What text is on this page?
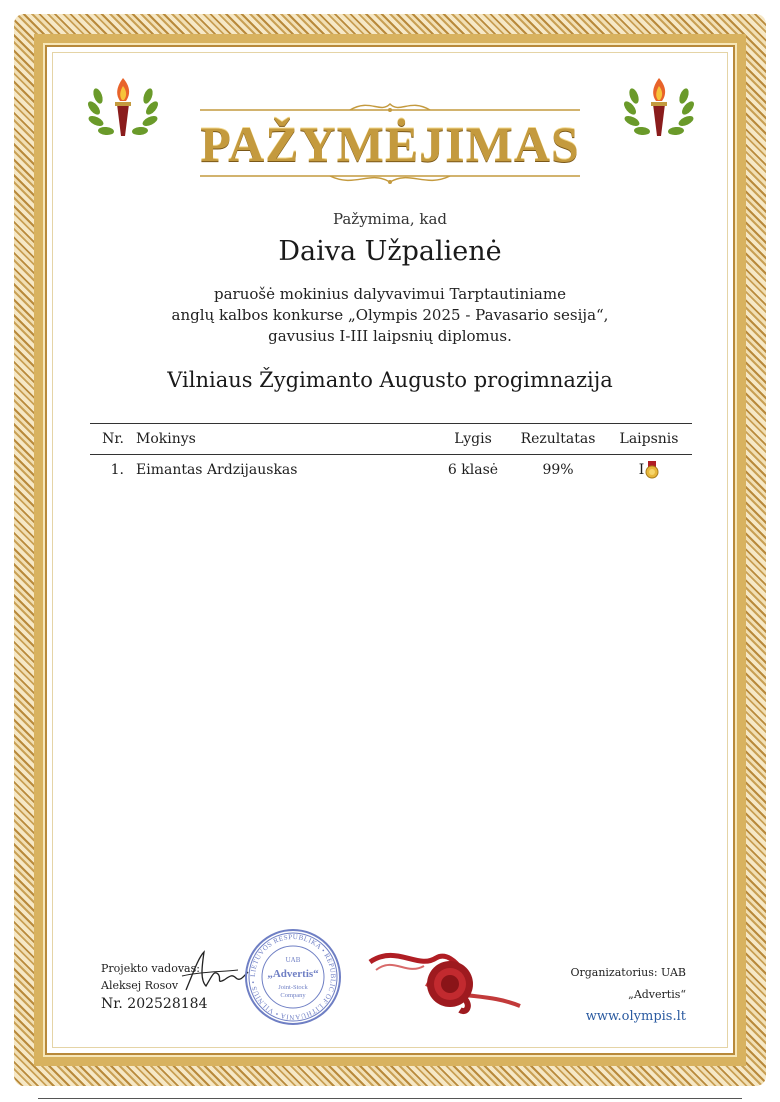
PAŽYMĖJIMAS
Pažymima, kad
Daiva Užpalienė
paruošė mokinius dalyvavimui Tarptautiniame
anglų kalbos konkurse „Olympis 2025 - Pavasario sesija“,
gavusius I-III laipsnių diplomus.
Vilniaus Žygimanto Augusto progimnazija
Nr.	Mokinys	Lygis	Rezultatas	Laipsnis
1.	Eimantas Ardzijauskas	6 klasė	99%	I
Projekto vadovas:
Aleksej Rosov
Nr. 202528184
LIETUVOS RESPUBLIKA • REPUBLIC OF LITHUANIA • VILNIUS •
UAB
„Advertis“
Joint-Stock
Company
Organizatorius: UAB „Advertis“
www.olympis.lt
